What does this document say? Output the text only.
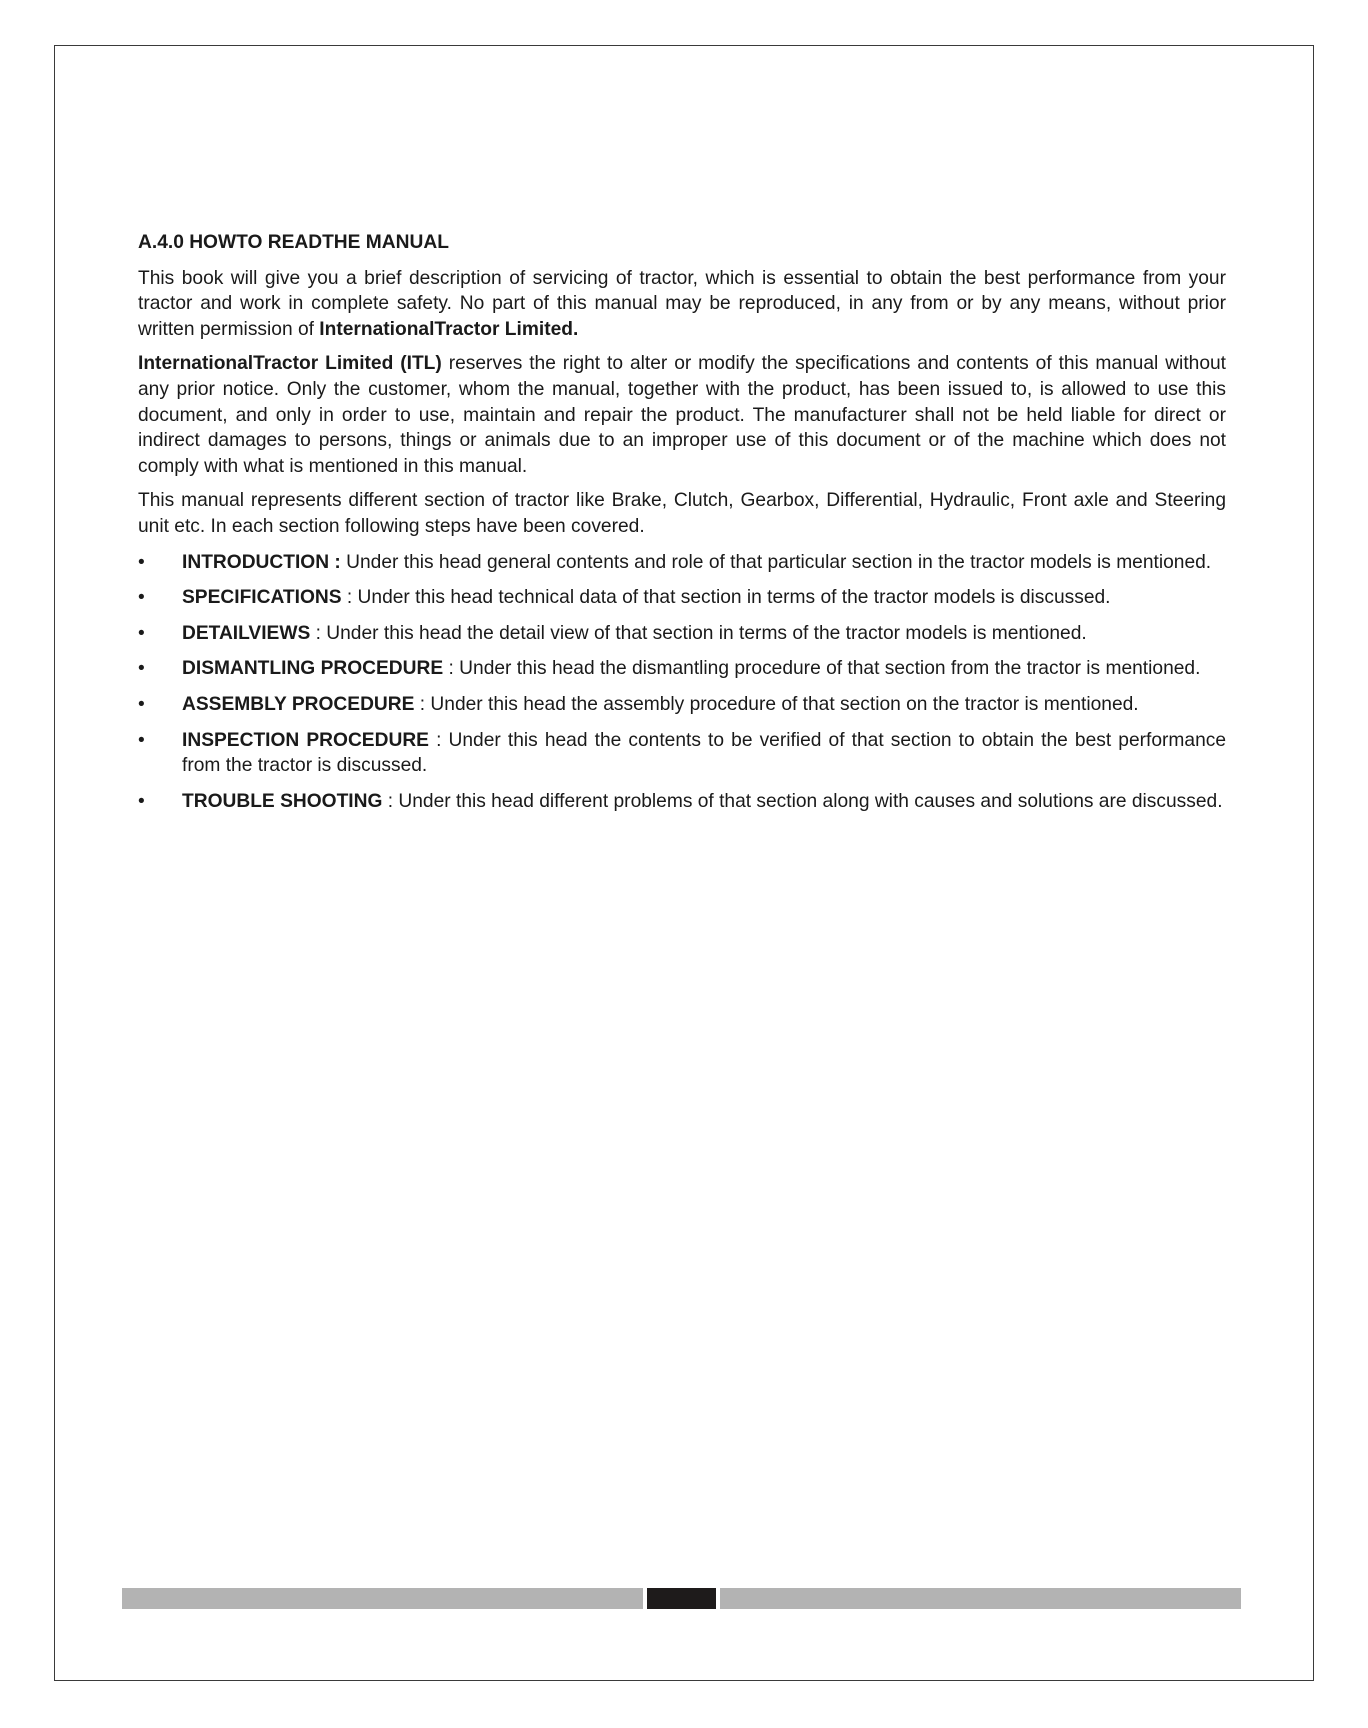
A.4.0 HOWTO READTHE MANUAL

This book will give you a brief description of servicing of tractor, which is essential to obtain the best performance from your tractor and work in complete safety. No part of this manual may be reproduced, in any from or by any means, without prior written permission of InternationalTractor Limited.

InternationalTractor Limited (ITL) reserves the right to alter or modify the specifications and contents of this manual without any prior notice. Only the customer, whom the manual, together with the product, has been issued to, is allowed to use this document, and only in order to use, maintain and repair the product. The manufacturer shall not be held liable for direct or indirect damages to persons, things or animals due to an improper use of this document or of the machine which does not comply with what is mentioned in this manual.

This manual represents different section of tractor like Brake, Clutch, Gearbox, Differential, Hydraulic, Front axle and Steering unit etc. In each section following steps have been covered.

• INTRODUCTION : Under this head general contents and role of that particular section in the tractor models is mentioned.
• SPECIFICATIONS : Under this head technical data of that section in terms of the tractor models is discussed.
• DETAILVIEWS : Under this head the detail view of that section in terms of the tractor models is mentioned.
• DISMANTLING PROCEDURE : Under this head the dismantling procedure of that section from the tractor is mentioned.
• ASSEMBLY PROCEDURE : Under this head the assembly procedure of that section on the tractor is mentioned.
• INSPECTION PROCEDURE : Under this head the contents to be verified of that section to obtain the best performance from the tractor is discussed.
• TROUBLE SHOOTING : Under this head different problems of that section along with causes and solutions are discussed.
